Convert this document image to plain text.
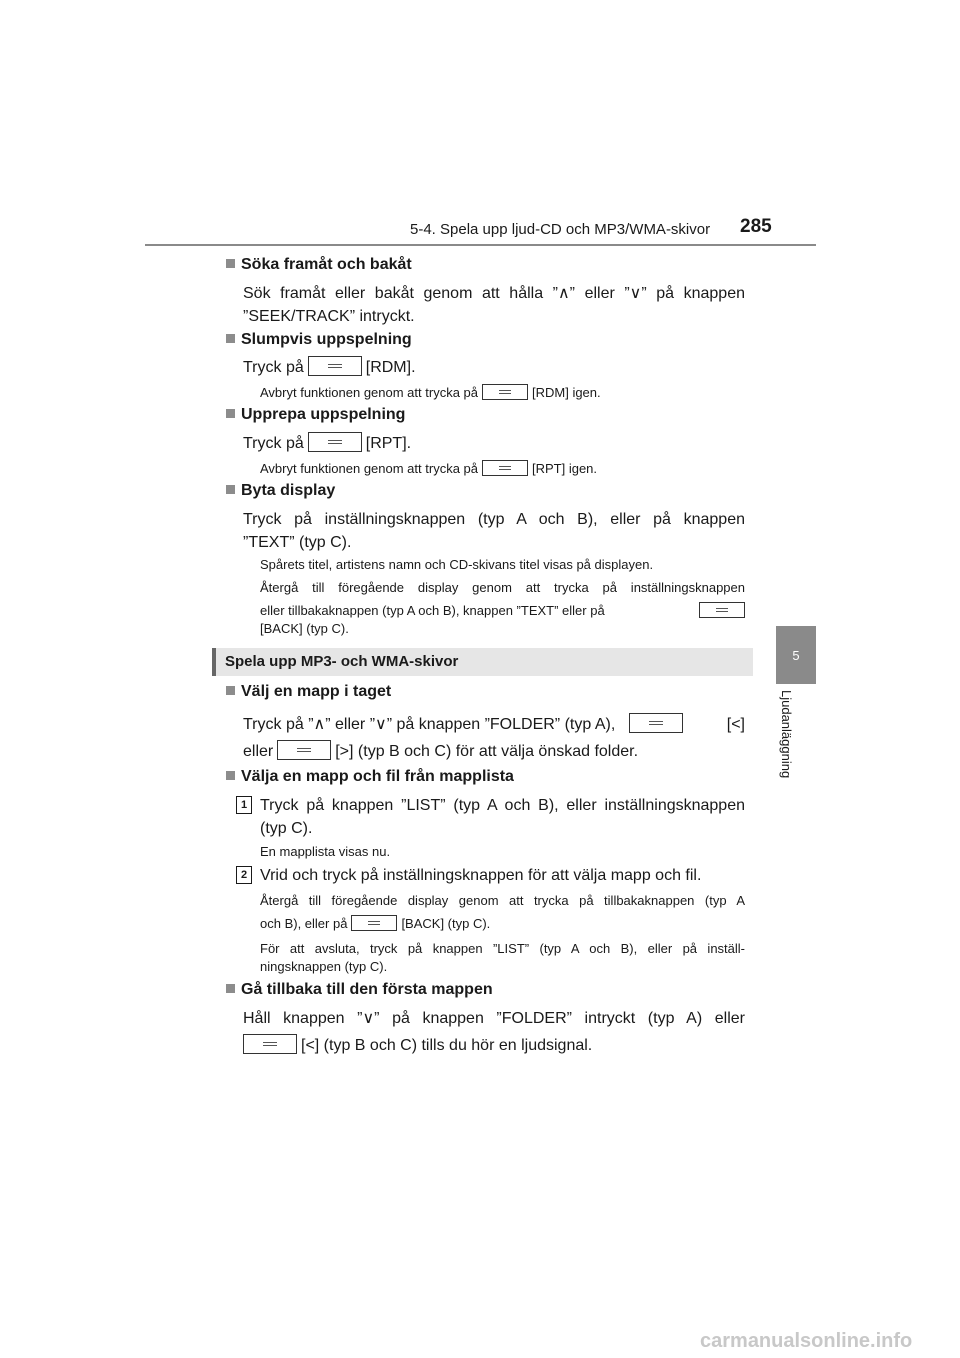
5-4. Spela upp ljud-CD och MP3/WMA-skivor 285
5
Ljudanläggning
Söka framåt och bakåt
Sök framåt eller bakåt genom att hålla ”∧” eller ”∨” på knappen
”SEEK/TRACK” intryckt.
Slumpvis uppspelning
Tryck på	[RDM].
Avbryt funktionen genom att trycka på	[RDM] igen.
Upprepa uppspelning
Tryck på	[RPT].
Avbryt funktionen genom att trycka på	[RPT] igen.
Byta display
Tryck på inställningsknappen (typ A och B), eller på knappen
”TEXT” (typ C).
Spårets titel, artistens namn och CD-skivans titel visas på displayen.
Återgå till föregående display genom att trycka på inställningsknappen
eller tillbakaknappen (typ A och B), knappen ”TEXT” eller på
[BACK] (typ C).
Spela upp MP3- och WMA-skivor
Välj en mapp i taget
Tryck på ”∧” eller ”∨” på knappen ”FOLDER” (typ A),	[<]
eller	[>] (typ B och C) för att välja önskad folder.
Välja en mapp och fil från mapplista
1 Tryck på knappen ”LIST” (typ A och B), eller inställningsknappen
(typ C).
En mapplista visas nu.
2 Vrid och tryck på inställningsknappen för att välja mapp och fil.
Återgå till föregående display genom att trycka på tillbakaknappen (typ A
och B), eller på	[BACK] (typ C).
För att avsluta, tryck på knappen ”LIST” (typ A och B), eller på inställ-
ningsknappen (typ C).
Gå tillbaka till den första mappen
Håll knappen ”∨” på knappen ”FOLDER” intryckt (typ A) eller
[<] (typ B och C) tills du hör en ljudsignal.
carmanualsonline.info
